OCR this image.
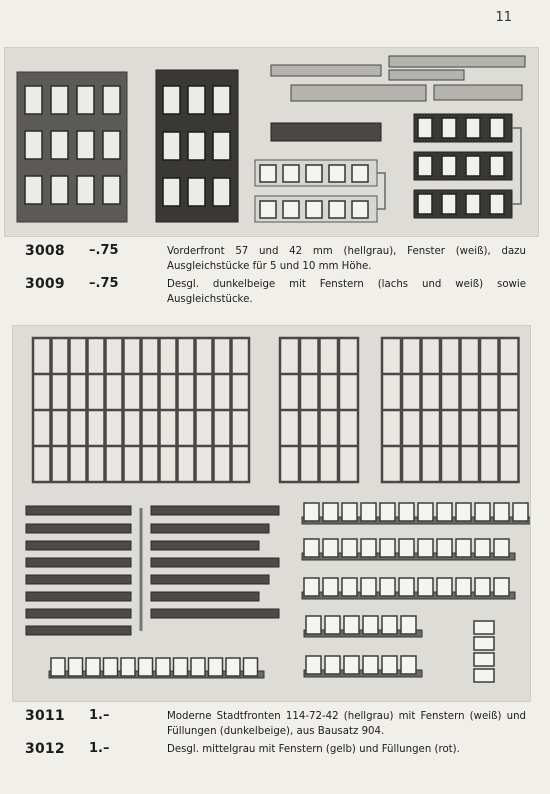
11
3008	–.75	Vorderfront 57 und 42 mm (hellgrau), Fenster (weiß), dazu Ausgleichstücke für 5 und 10 mm Höhe.
3009	–.75	Desgl. dunkelbeige mit Fenstern (lachs und weiß) sowie Ausgleichstücke.
3011	1.–	Moderne Stadtfronten 114-72-42 (hellgrau) mit Fenstern (weiß) und Füllungen (dunkelbeige), aus Bausatz 904.
3012	1.–	Desgl. mittelgrau mit Fenstern (gelb) und Füllungen (rot).
